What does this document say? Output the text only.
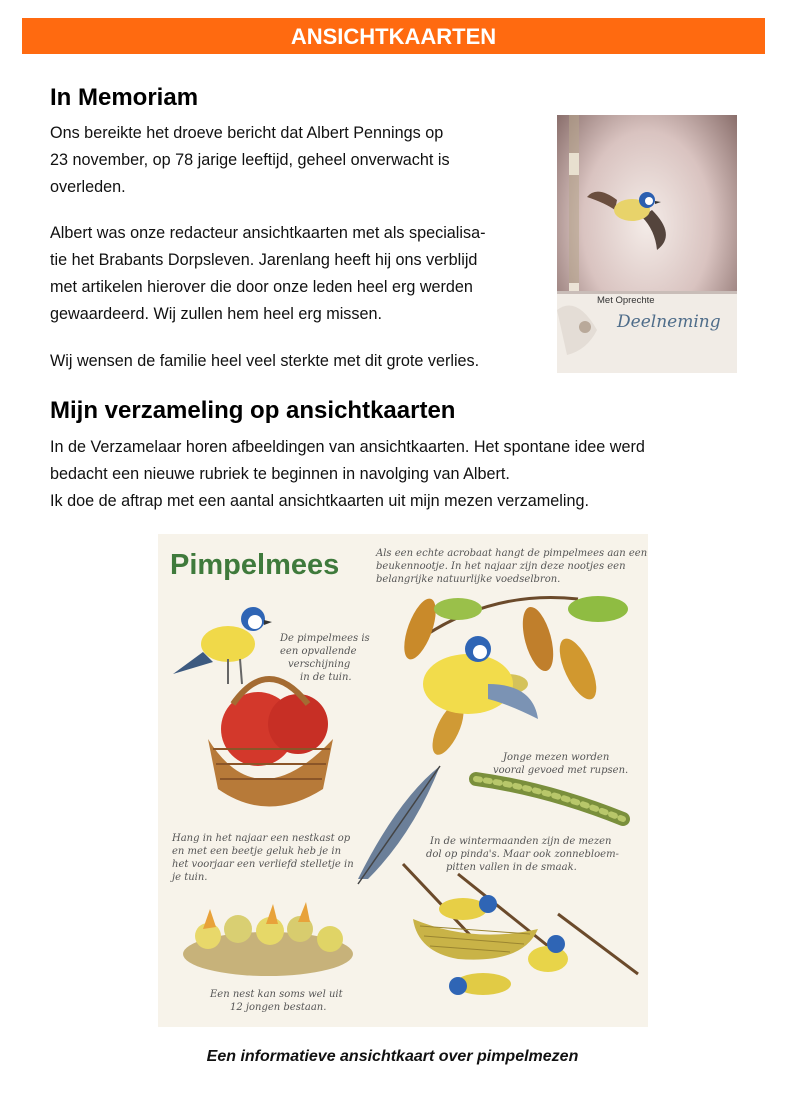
ANSICHTKAARTEN
In Memoriam

Ons bereikte het droeve bericht dat Albert Pennings op
23 november, op 78 jarige leeftijd, geheel onverwacht is
overleden.

Albert was onze redacteur ansichtkaarten met als specialisa-
tie het Brabants Dorpsleven. Jarenlang heeft hij ons verblijd
met artikelen hierover die door onze leden heel erg werden
gewaardeerd. Wij zullen hem heel erg missen.

Wij wensen de familie heel veel sterkte met dit grote verlies.

Met Oprechte
Deelneming
Mijn verzameling op ansichtkaarten

In de Verzamelaar horen afbeeldingen van ansichtkaarten. Het spontane idee werd
bedacht een nieuwe rubriek te beginnen in navolging van Albert.
Ik doe de aftrap met een aantal ansichtkaarten uit mijn mezen verzameling.

Pimpelmees	Als een echte acrobaat hangt de pimpelmees aan een beukennootje. In het najaar zijn deze nootjes een belangrijke natuurlijke voedselbron.
De pimpelmees is een opvallende verschijning in de tuin.
Jonge mezen worden vooral gevoed met rupsen.
Hang in het najaar een nestkast op en met een beetje geluk heb je in het voorjaar een verliefd stelletje in je tuin.
In de wintermaanden zijn de mezen dol op pinda's. Maar ook zonnebloem- pitten vallen in de smaak.
Een nest kan soms wel uit 12 jongen bestaan.

Een informatieve ansichtkaart over pimpelmezen
